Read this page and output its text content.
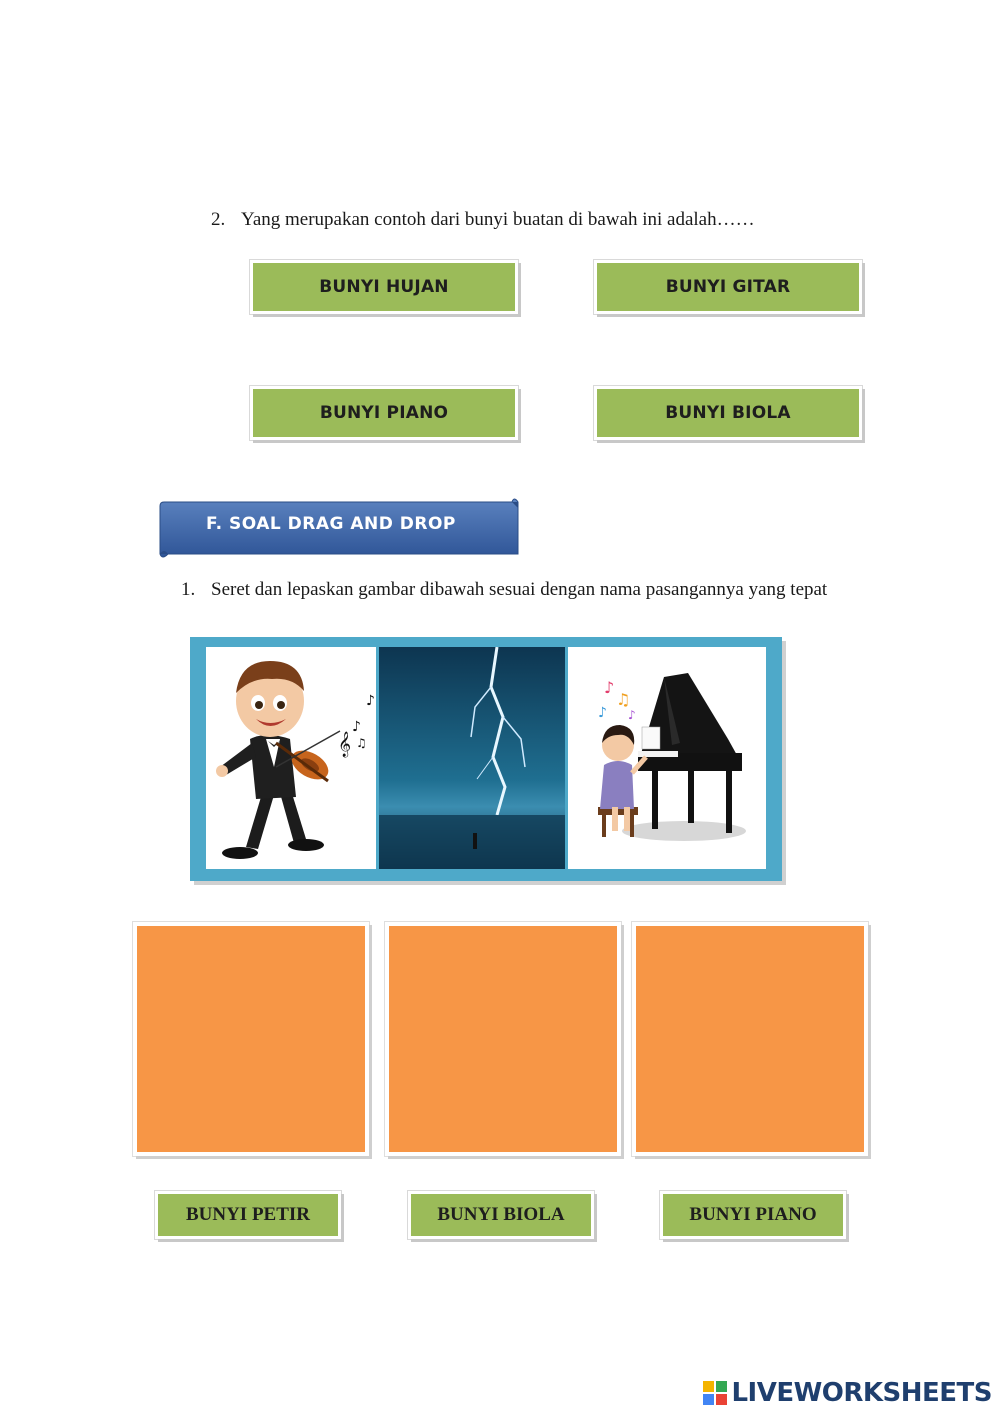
2. Yang merupakan contoh dari bunyi buatan di bawah ini adalah……
BUNYI HUJAN	BUNYI GITAR
BUNYI PIANO	BUNYI BIOLA
F. SOAL DRAG AND DROP
1. Seret dan lepaskan gambar dibawah sesuai dengan nama pasangannya yang tepat
𝄞
♪
♪
♫
♪
♫
♪ ♪
BUNYI PETIR	BUNYI BIOLA	BUNYI PIANO
LIVEWORKSHEETS
